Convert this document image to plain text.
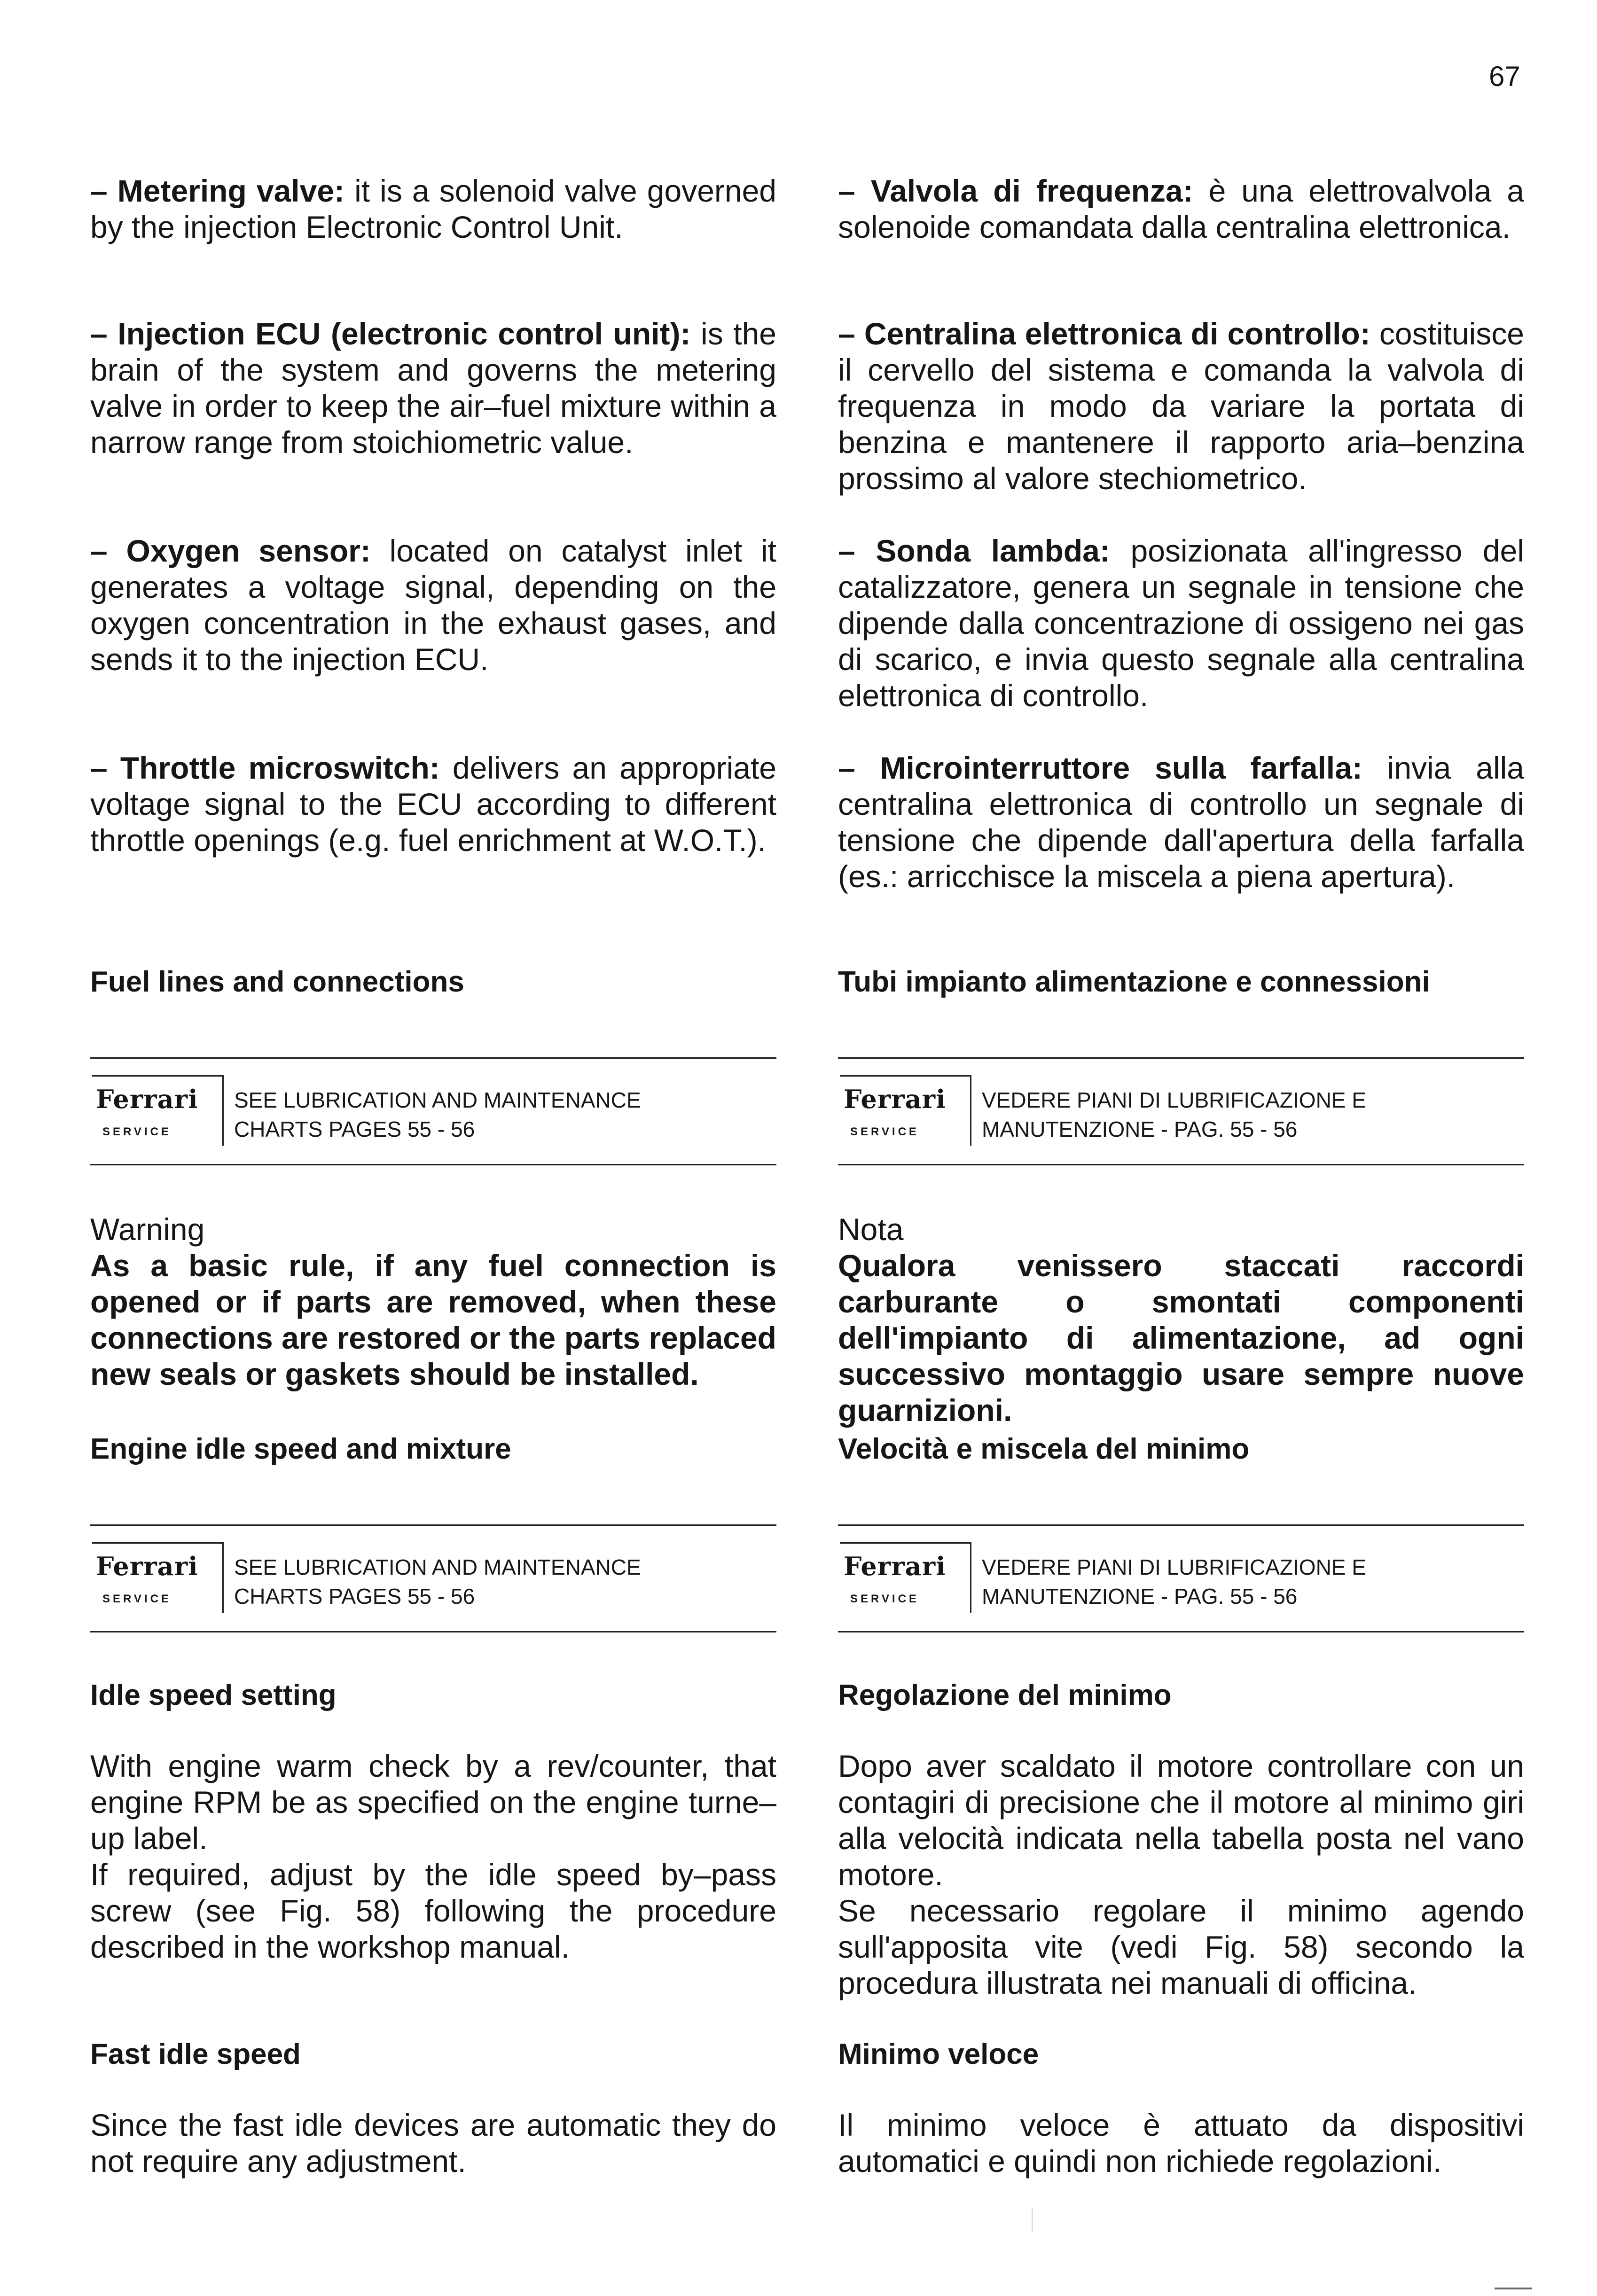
67
– Metering valve: it is a solenoid valve governed by the injection Electronic Control Unit.
– Injection ECU (electronic control unit): is the brain of the system and governs the metering valve in order to keep the air–fuel mixture within a narrow range from stoichiometric value.
– Oxygen sensor: located on catalyst inlet it generates a voltage signal, depending on the oxygen concentration in the exhaust gases, and sends it to the injection ECU.
– Throttle microswitch: delivers an appropriate voltage signal to the ECU according to different throttle openings (e.g. fuel enrichment at W.O.T.).
Fuel lines and connections
Ferrari
SERVICE
SEE LUBRICATION AND MAINTENANCE
CHARTS PAGES 55 - 56
Warning
As a basic rule, if any fuel connection is opened or if parts are removed, when these connections are restored or the parts replaced new seals or gaskets should be installed.
Engine idle speed and mixture
Ferrari
SERVICE
SEE LUBRICATION AND MAINTENANCE
CHARTS PAGES 55 - 56
Idle speed setting
With engine warm check by a rev/counter, that engine RPM be as specified on the engine turne–up label.
If required, adjust by the idle speed by–pass screw (see Fig. 58) following the procedure described in the workshop manual.
Fast idle speed
Since the fast idle devices are automatic they do not require any adjustment.
– Valvola di frequenza: è una elettrovalvola a solenoide comandata dalla centralina elettronica.
– Centralina elettronica di controllo: costituisce il cervello del sistema e comanda la valvola di frequenza in modo da variare la portata di benzina e mantenere il rapporto aria–benzina prossimo al valore stechiometrico.
– Sonda lambda: posizionata all'ingresso del catalizzatore, genera un segnale in tensione che dipende dalla concentrazione di ossigeno nei gas di scarico, e invia questo segnale alla centralina elettronica di controllo.
– Microinterruttore sulla farfalla: invia alla centralina elettronica di controllo un segnale di tensione che dipende dall'apertura della farfalla (es.: arricchisce la miscela a piena apertura).
Tubi impianto alimentazione e connessioni
Ferrari
SERVICE
VEDERE PIANI DI LUBRIFICAZIONE E
MANUTENZIONE - PAG. 55 - 56
Nota
Qualora venissero staccati raccordi carburante o smontati componenti dell'impianto di alimentazione, ad ogni successivo montaggio usare sempre nuove guarnizioni.
Velocità e miscela del minimo
Ferrari
SERVICE
VEDERE PIANI DI LUBRIFICAZIONE E
MANUTENZIONE - PAG. 55 - 56
Regolazione del minimo
Dopo aver scaldato il motore controllare con un contagiri di precisione che il motore al minimo giri alla velocità indicata nella tabella posta nel vano motore.
Se necessario regolare il minimo agendo sull'apposita vite (vedi Fig. 58) secondo la procedura illustrata nei manuali di officina.
Minimo veloce
Il minimo veloce è attuato da dispositivi automatici e quindi non richiede regolazioni.
